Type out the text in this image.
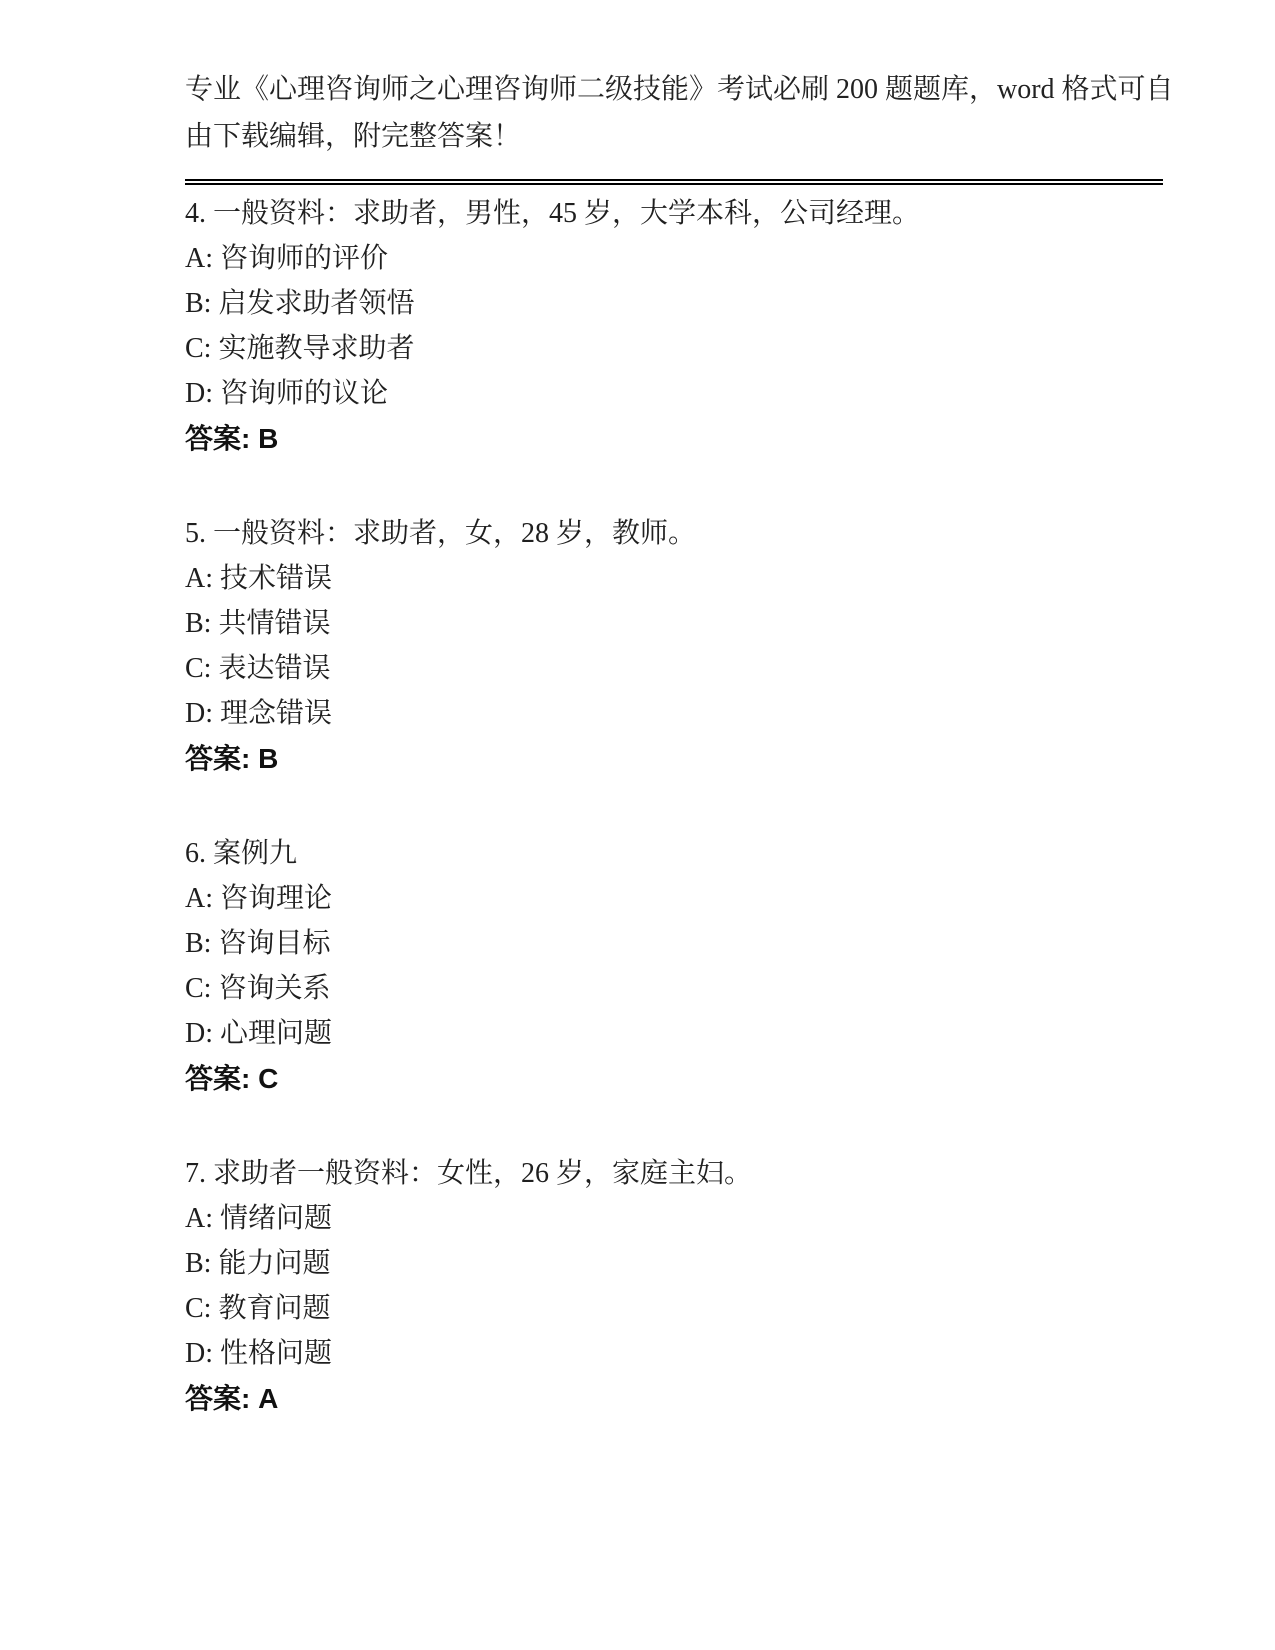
专业《心理咨询师之心理咨询师二级技能》考试必刷 200 题题库，word 格式可自
由下载编辑，附完整答案！

4. 一般资料：求助者，男性，45 岁，大学本科，公司经理。

A: 咨询师的评价

B: 启发求助者领悟

C: 实施教导求助者

D: 咨询师的议论

答案: B

5. 一般资料：求助者，女，28 岁，教师。

A: 技术错误

B: 共情错误

C: 表达错误

D: 理念错误

答案: B

6. 案例九

A: 咨询理论

B: 咨询目标

C: 咨询关系

D: 心理问题

答案: C

7. 求助者一般资料：女性，26 岁，家庭主妇。

A: 情绪问题

B: 能力问题

C: 教育问题

D: 性格问题

答案: A
